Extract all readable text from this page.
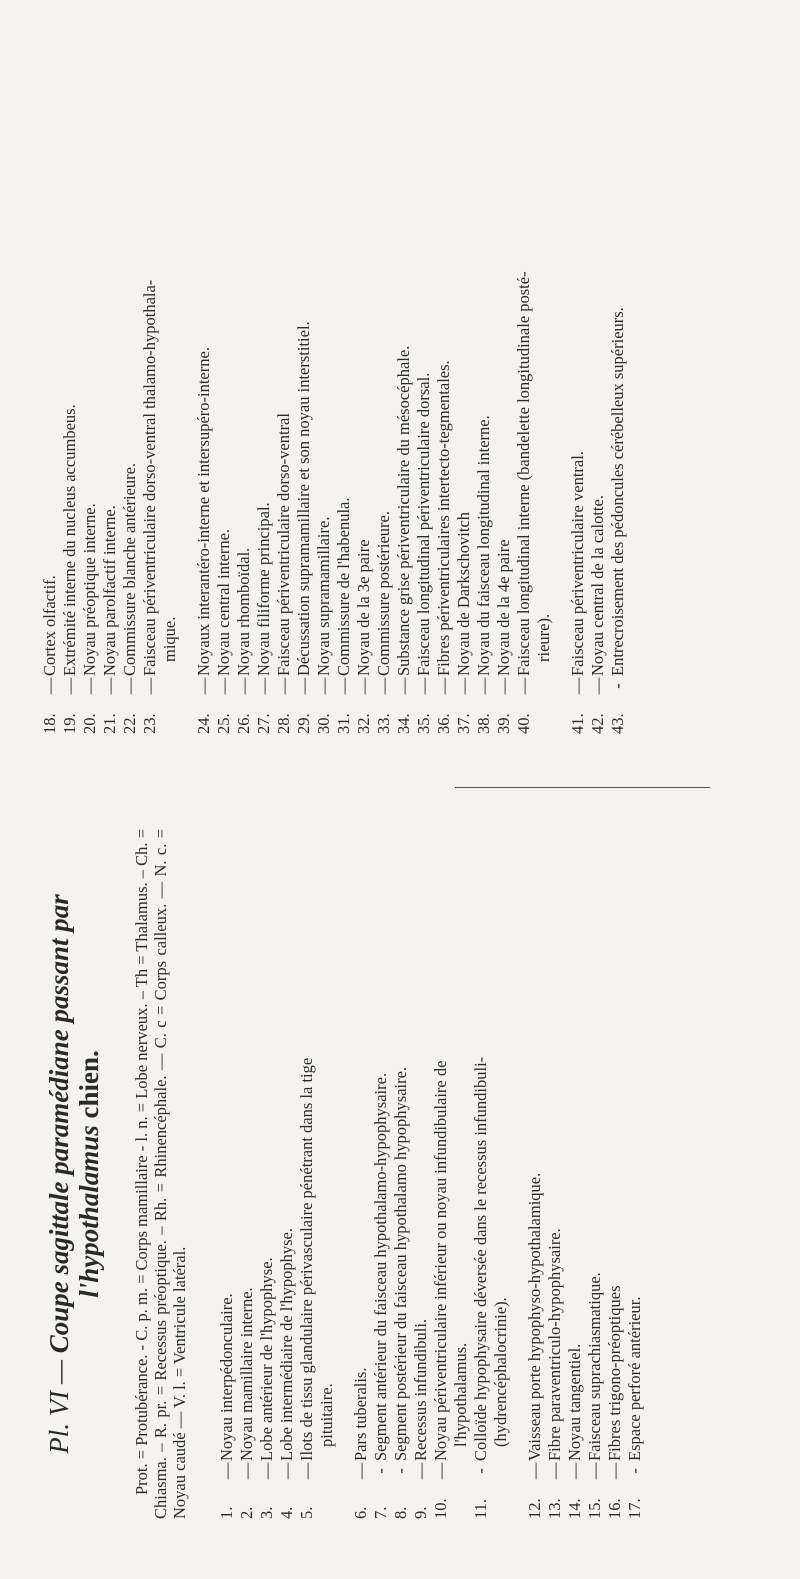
Pl. VI — Coupe sagittale paramédiane passant par
l'hypothalamus chien. Prot. = Protubérance. - C. p. m. = Corps mamillaire - l. n. = Lobe nerveux. – Th = Thalamus. – Ch. = Chiasma. – R. pr. = Recessus préoptique. – Rh. = Rhinencéphale. — C. c = Corps calleux. — N. c. = Noyau caudé — V. l. = Ventricule latéral. 1.
—
Noyau interpédonculaire.
2.
—
Noyau mamillaire interne.
3.
—
Lobe antérieur de l'hypophyse.
4.
—
Lobe intermédiaire de l'hypophyse.
5.
—
Ilots de tissu glandulaire périvasculaire pénétrant dans la tige pituitaire.
6.
—
Pars tuberalis.
7.
-
Segment antérieur du faisceau hypothalamo-hypophysaire.
8.
-
Segment postérieur du faisceau hypothalamo hypophysaire.
9.
—
Recessus infundibuli.
10.
—
Noyau périventriculaire inférieur ou noyau infundibulaire de l'hypothalamus.
11.
-
Colloïde hypophysaire déversée dans le recessus infundibuli- (hydrencéphalocrinie).
12.
—
Vaisseau porte hypophyso-hypothalamique.
13.
—
Fibre paraventriculo-hypophysaire.
14.
—
Noyau tangentiel.
15.
—
Faisceau suprachiasmatique.
16.
—
Fibres trigono-préoptiques
17.
-
Espace perforé antérieur.
18.
—
Cortex olfactif.
19.
—
Extrémité interne du nucleus accumbeus.
20.
—
Noyau préoptique interne.
21.
—
Noyau parolfactif interne.
22.
—
Commissure blanche antérieure.
23.
—
Faisceau périventriculaire dorso-ventral thalamo-hypothala- mique.
24.
—
Noyaux interantéro-interne et intersupéro-interne.
25.
—
Noyau central interne.
26.
—
Noyau rhomboïdal.
27.
—
Noyau filiforme principal.
28.
—
Faisceau périventriculaire dorso-ventral
29.
—
Décussation supramamillaire et son noyau interstitiel.
30.
—
Noyau supramamillaire.
31.
—
Commissure de l'habenula.
32.
—
Noyau de la 3e paire
33.
—
Commissure postérieure.
34.
—
Substance grise périventriculaire du mésocéphale.
35.
—
Faisceau longitudinal périventriculaire dorsal.
36.
—
Fibres périventriculaires intertecto-tegmentales.
37.
—
Noyau de Darkschovitch
38.
—
Noyau du faisceau longitudinal interne.
39.
—
Noyau de la 4e paire
40.
—
Faisceau longitudinal interne (bandelette longitudinale posté- rieure).
41.
—
Faisceau périventriculaire ventral.
42.
—
Noyau central de la calotte.
43.
-
Entrecroisement des pédoncules cérébelleux supérieurs.
